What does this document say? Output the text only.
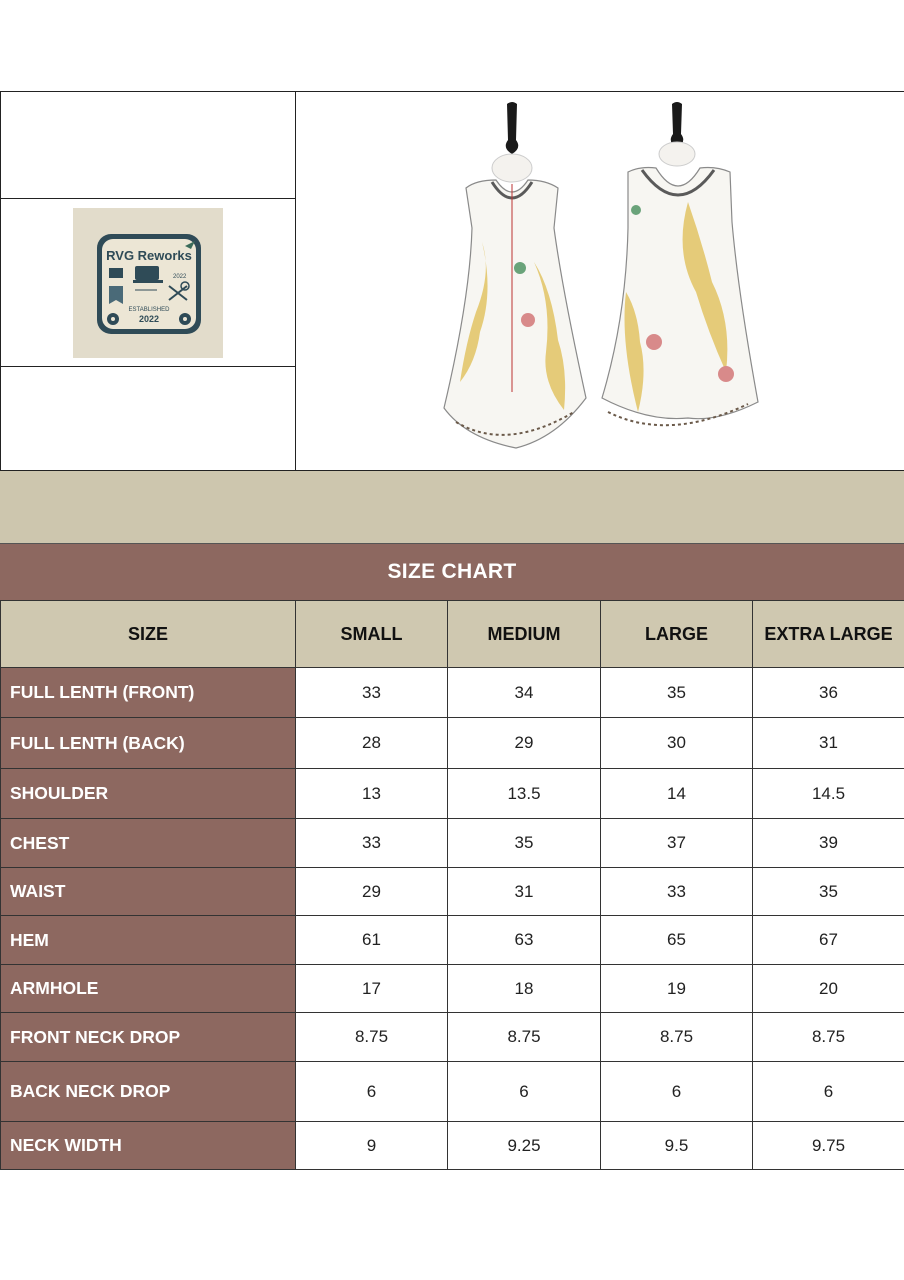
RVG Reworks
2022
ESTABLISHED
2022
SIZE CHART
SIZE	SMALL	MEDIUM	LARGE	EXTRA LARGE
FULL LENTH (FRONT)	33	34	35	36
FULL LENTH (BACK)	28	29	30	31
SHOULDER	13	13.5	14	14.5
CHEST	33	35	37	39
WAIST	29	31	33	35
HEM	61	63	65	67
ARMHOLE	17	18	19	20
FRONT NECK DROP	8.75	8.75	8.75	8.75
BACK NECK DROP	6	6	6	6
NECK WIDTH	9	9.25	9.5	9.75
